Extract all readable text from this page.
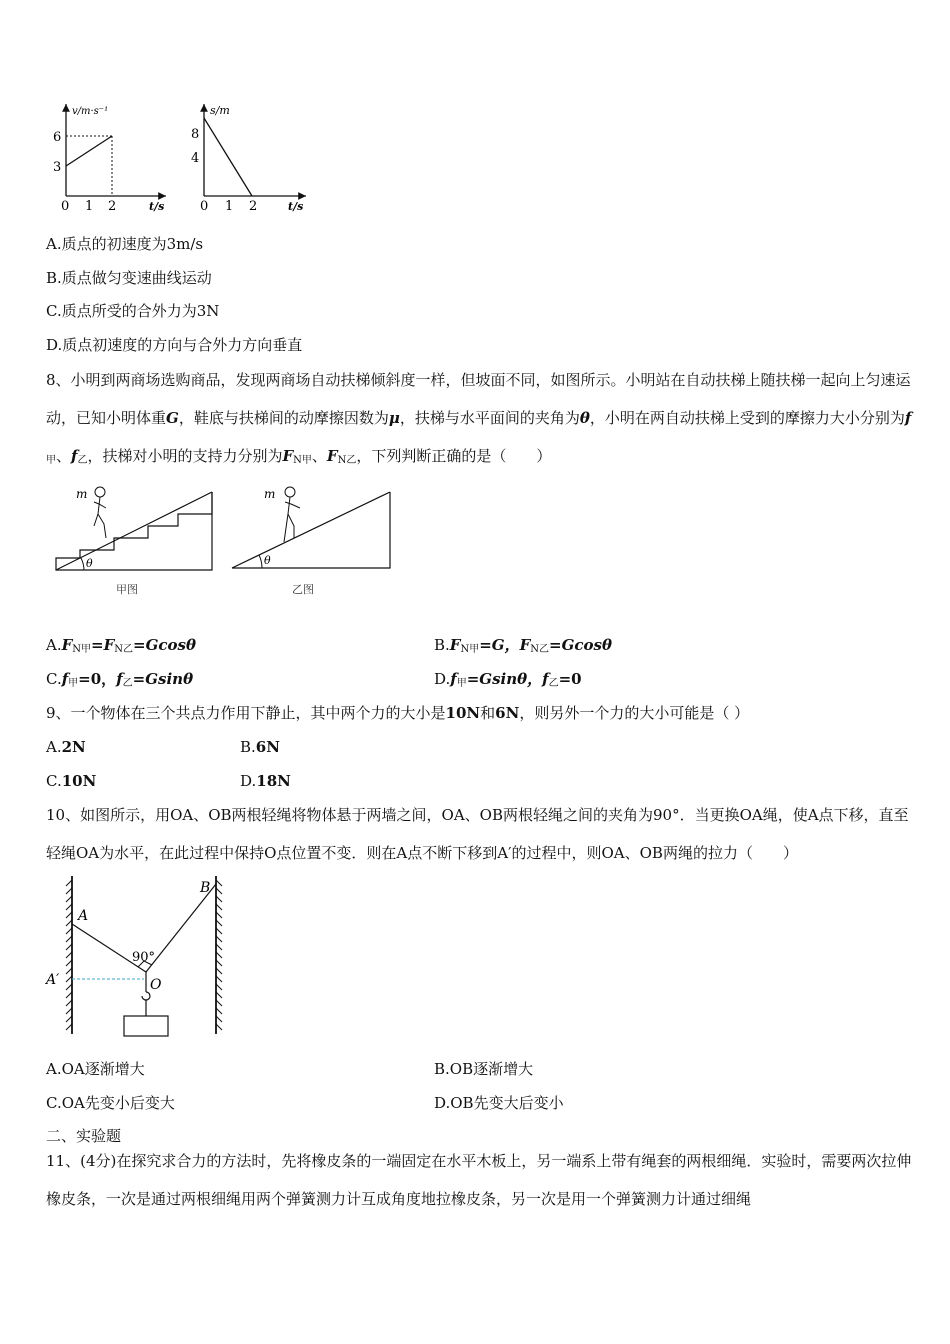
v/m·s⁻¹
6
3
0 1 2	t/s
s/m
8
4
0 1 2	t/s
A.质点的初速度为3m/s
B.质点做匀变速曲线运动
C.质点所受的合外力为3N
D.质点初速度的方向与合外力方向垂直
8、小明到两商场选购商品，发现两商场自动扶梯倾斜度一样，但坡面不同，如图所示。小明站在自动扶梯上随扶梯一起向上匀速运动，已知小明体重G，鞋底与扶梯间的动摩擦因数为μ，扶梯与水平面间的夹角为θ，小明在两自动扶梯上受到的摩擦力大小分别为$f_甲$、$f_乙$，扶梯对小明的支持力分别为$F_{N甲}$、$F_{N乙}$，下列判断正确的是（　　）
θ
m
甲图
θ
m
乙图
$A.F_{N甲}=F_{N乙}=Gcos\theta$	$B.F_{N甲}=G$，$F_{N乙}=Gcos\theta$
$C.f_甲=0$，$f_乙=Gsin\theta$	$D.f_甲=Gsin\theta$，$f_乙=0$
9、一个物体在三个共点力作用下静止，其中两个力的大小是10N和6N，则另外一个力的大小可能是（ ）
A.2N	B.6N
C.10N	D.18N
10、如图所示，用OA、OB两根轻绳将物体悬于两墙之间，OA、OB两根轻绳之间的夹角为90°．当更换OA绳，使A点下移，直至轻绳OA为水平，在此过程中保持O点位置不变．则在A点不断下移到A′的过程中，则OA、OB两绳的拉力（　　）
A
B
A′	O
90°
A.OA逐渐增大	B.OB逐渐增大
C.OA先变小后变大	D.OB先变大后变小
二、实验题
11、(4分)在探究求合力的方法时，先将橡皮条的一端固定在水平木板上，另一端系上带有绳套的两根细绳．实验时，需要两次拉伸橡皮条，一次是通过两根细绳用两个弹簧测力计互成角度地拉橡皮条，另一次是用一个弹簧测力计通过细绳
